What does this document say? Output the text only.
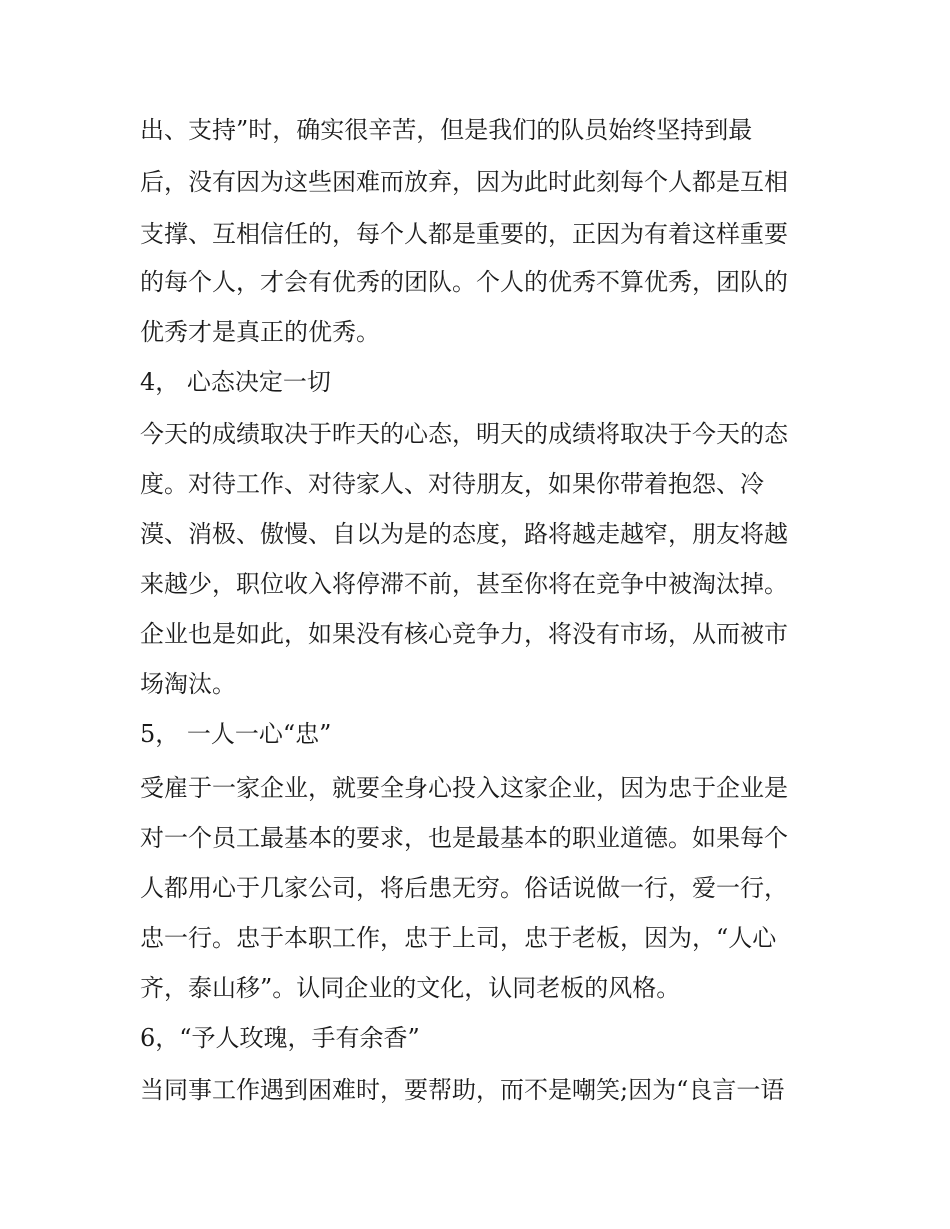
出、支持”时，确实很辛苦，但是我们的队员始终坚持到最

后，没有因为这些困难而放弃，因为此时此刻每个人都是互相

支撑、互相信任的，每个人都是重要的，正因为有着这样重要

的每个人，才会有优秀的团队。个人的优秀不算优秀，团队的

优秀才是真正的优秀。

4， 心态决定一切

今天的成绩取决于昨天的心态，明天的成绩将取决于今天的态

度。对待工作、对待家人、对待朋友，如果你带着抱怨、冷

漠、消极、傲慢、自以为是的态度，路将越走越窄，朋友将越

来越少，职位收入将停滞不前，甚至你将在竞争中被淘汰掉。

企业也是如此，如果没有核心竞争力，将没有市场，从而被市

场淘汰。

5， 一人一心“忠”

受雇于一家企业，就要全身心投入这家企业，因为忠于企业是

对一个员工最基本的要求，也是最基本的职业道德。如果每个

人都用心于几家公司，将后患无穷。俗话说做一行，爱一行，

忠一行。忠于本职工作，忠于上司，忠于老板，因为，“人心

齐，泰山移”。认同企业的文化，认同老板的风格。

6，“予人玫瑰，手有余香”

当同事工作遇到困难时，要帮助，而不是嘲笑;因为“良言一语
